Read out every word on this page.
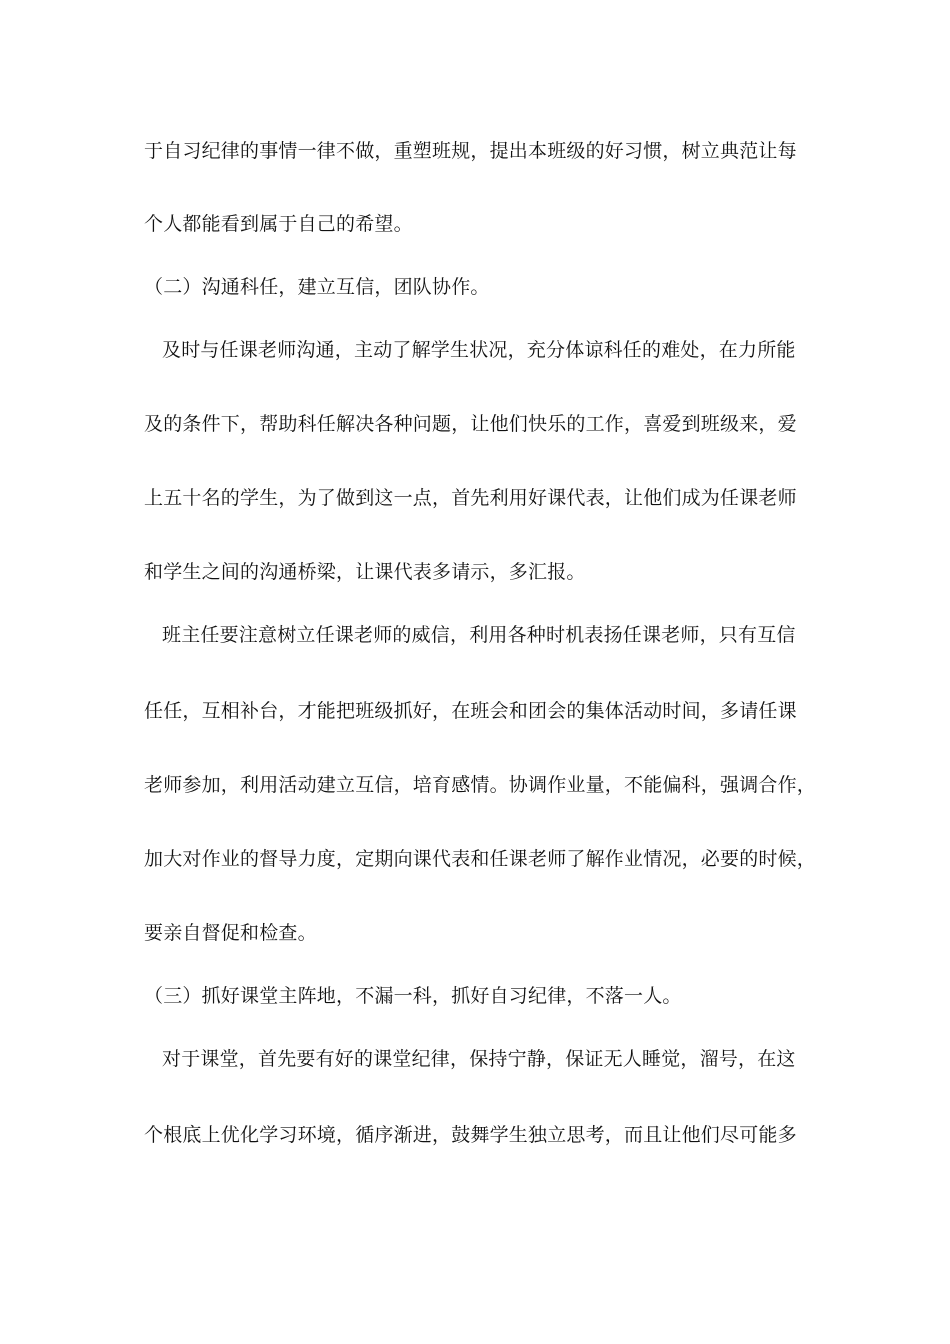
于自习纪律的事情一律不做，重塑班规，提出本班级的好习惯，树立典范让每
个人都能看到属于自己的希望。
（二）沟通科任，建立互信，团队协作。
及时与任课老师沟通，主动了解学生状况，充分体谅科任的难处，在力所能
及的条件下，帮助科任解决各种问题，让他们快乐的工作，喜爱到班级来，爱
上五十名的学生，为了做到这一点，首先利用好课代表，让他们成为任课老师
和学生之间的沟通桥梁，让课代表多请示，多汇报。
班主任要注意树立任课老师的威信，利用各种时机表扬任课老师，只有互信
任任，互相补台，才能把班级抓好，在班会和团会的集体活动时间，多请任课
老师参加，利用活动建立互信，培育感情。协调作业量，不能偏科，强调合作，
加大对作业的督导力度，定期向课代表和任课老师了解作业情况，必要的时候，
要亲自督促和检查。
（三）抓好课堂主阵地，不漏一科，抓好自习纪律，不落一人。
对于课堂，首先要有好的课堂纪律，保持宁静，保证无人睡觉，溜号，在这
个根底上优化学习环境，循序渐进，鼓舞学生独立思考，而且让他们尽可能多
